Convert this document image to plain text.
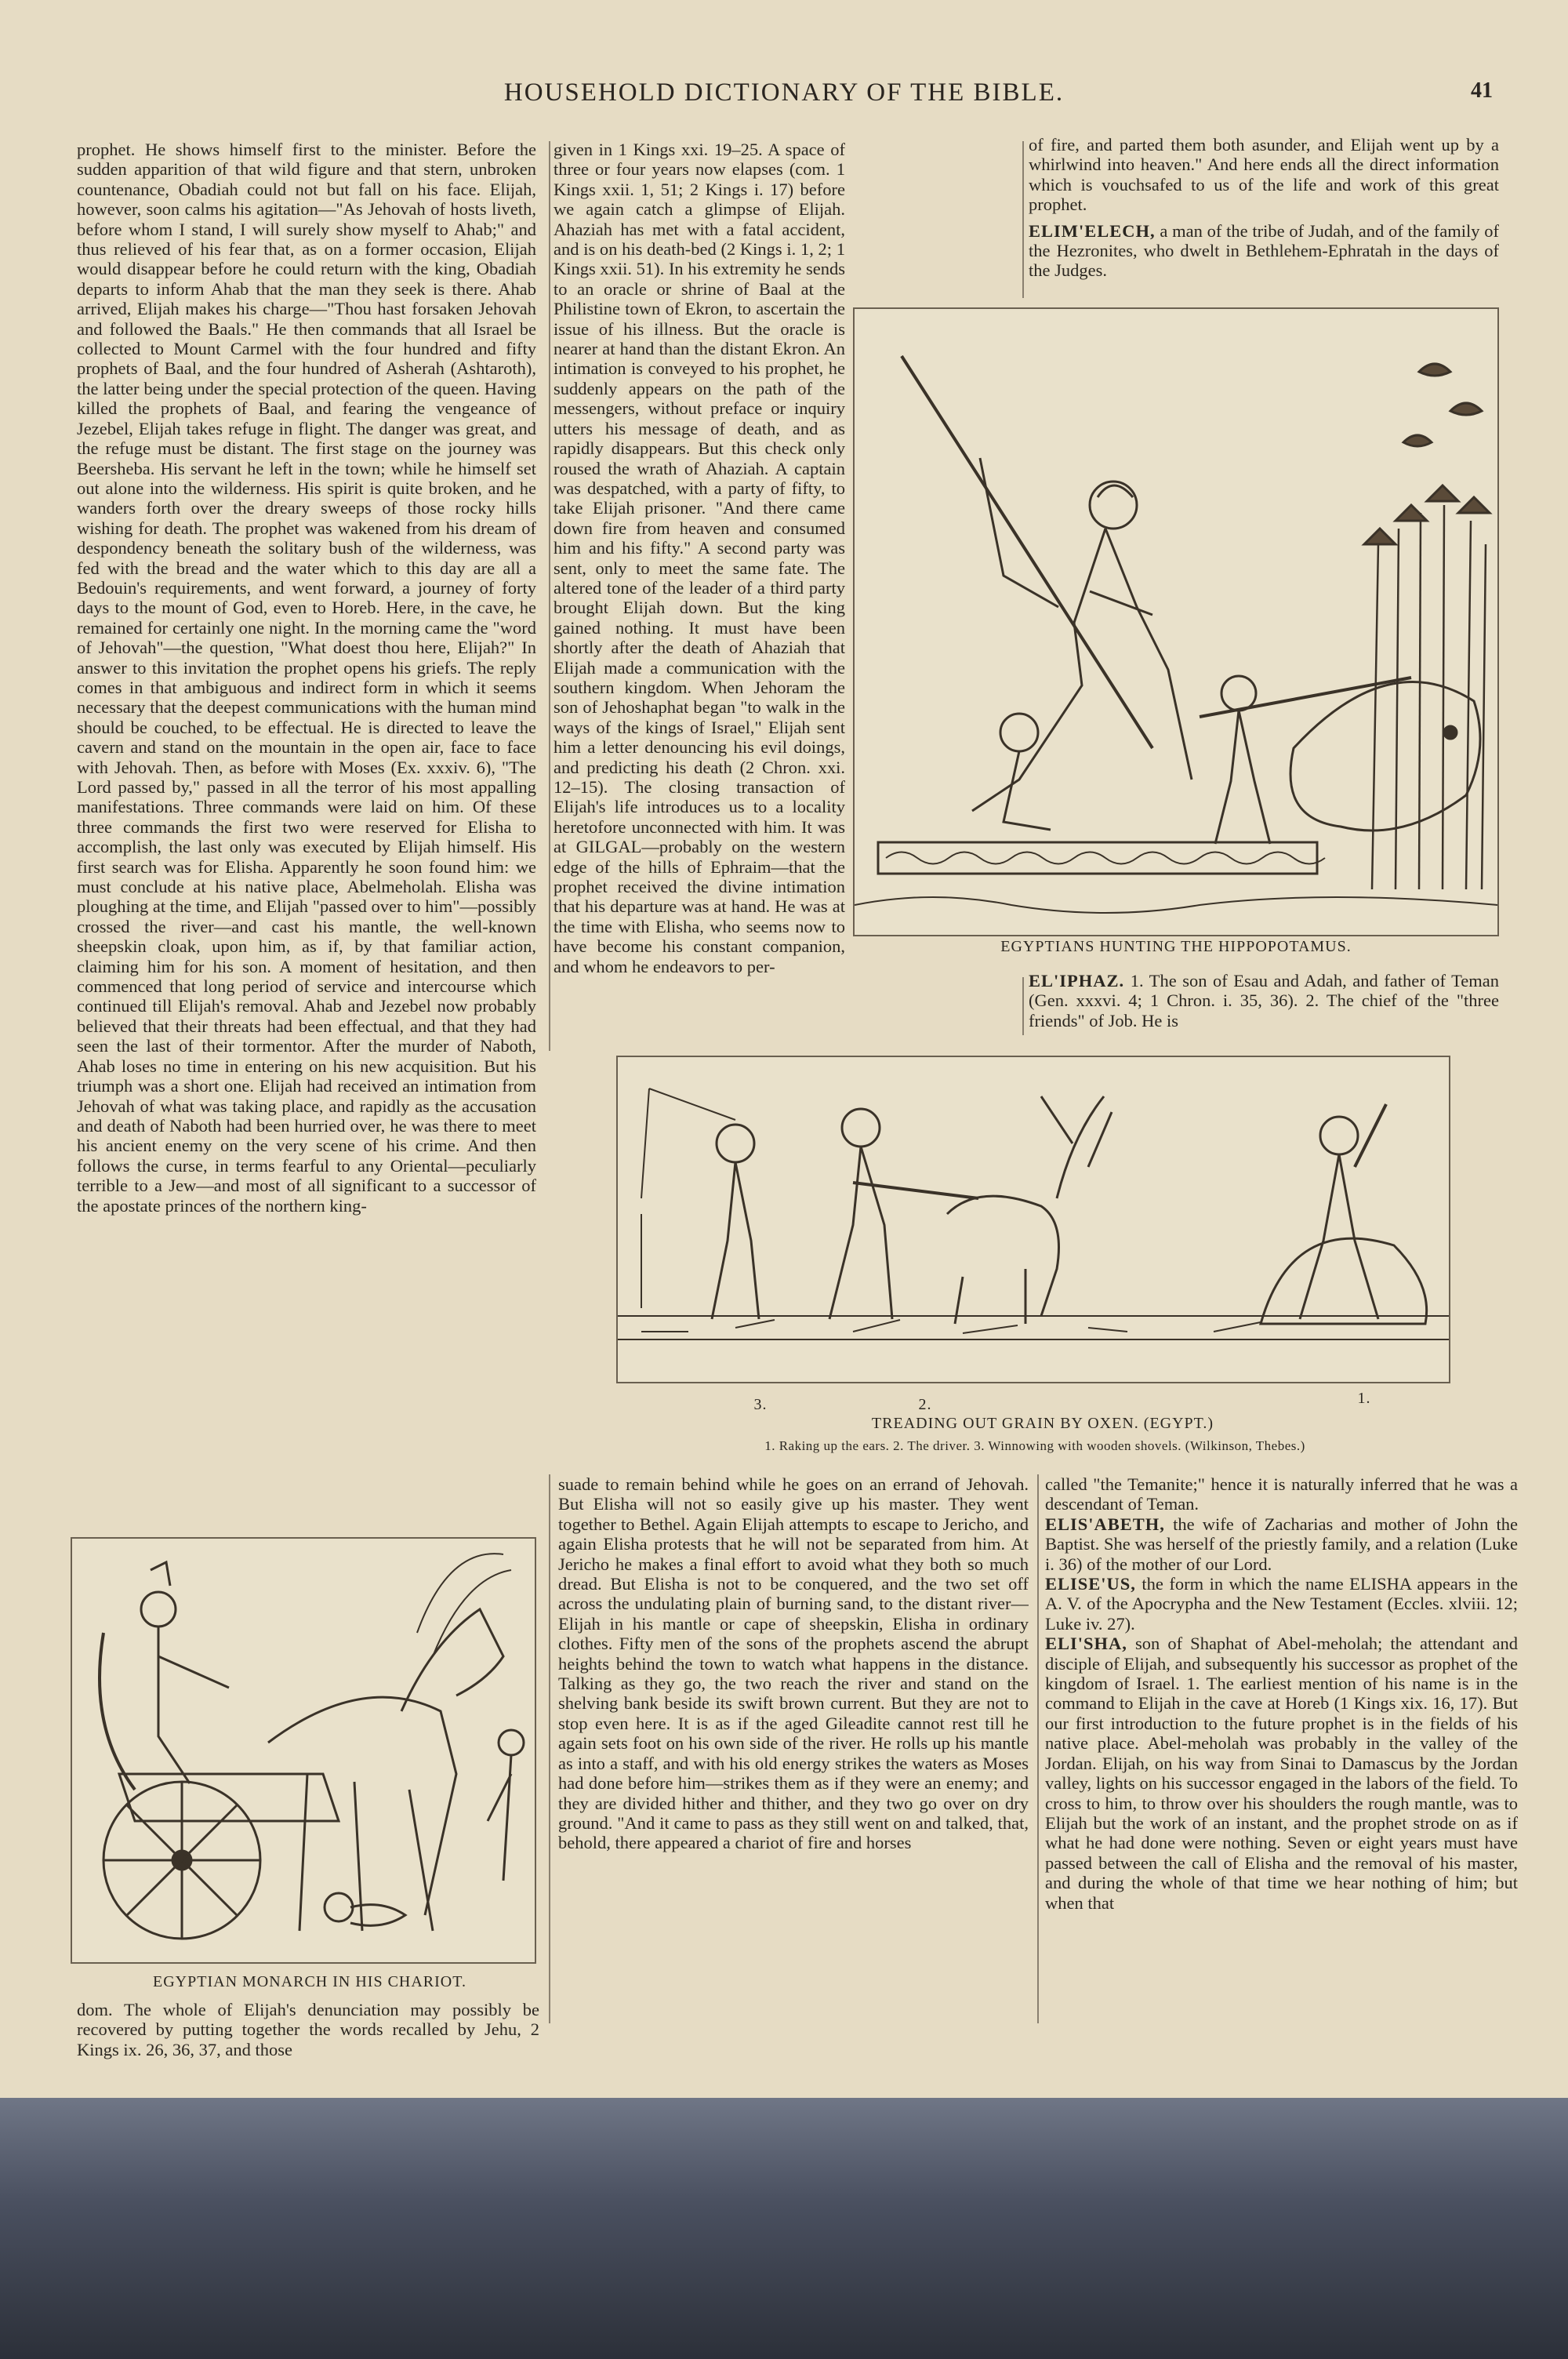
HOUSEHOLD DICTIONARY OF THE BIBLE.	41

prophet. He shows himself first to the minister. Before the sudden apparition of that wild figure and that stern, unbroken countenance, Obadiah could not but fall on his face. Elijah, however, soon calms his agitation—"As Jehovah of hosts liveth, before whom I stand, I will surely show myself to Ahab;" and thus relieved of his fear that, as on a former occasion, Elijah would disappear before he could return with the king, Obadiah departs to inform Ahab that the man they seek is there. Ahab arrived, Elijah makes his charge—"Thou hast forsaken Jehovah and followed the Baals." He then commands that all Israel be collected to Mount Carmel with the four hundred and fifty prophets of Baal, and the four hundred of Asherah (Ashtaroth), the latter being under the special protection of the queen. Having killed the prophets of Baal, and fearing the vengeance of Jezebel, Elijah takes refuge in flight. The danger was great, and the refuge must be distant. The first stage on the journey was Beersheba. His servant he left in the town; while he himself set out alone into the wilderness. His spirit is quite broken, and he wanders forth over the dreary sweeps of those rocky hills wishing for death. The prophet was wakened from his dream of despondency beneath the solitary bush of the wilderness, was fed with the bread and the water which to this day are all a Bedouin's requirements, and went forward, a journey of forty days to the mount of God, even to Horeb. Here, in the cave, he remained for certainly one night. In the morning came the "word of Jehovah"—the question, "What doest thou here, Elijah?" In answer to this invitation the prophet opens his griefs. The reply comes in that ambiguous and indirect form in which it seems necessary that the deepest communications with the human mind should be couched, to be effectual. He is directed to leave the cavern and stand on the mountain in the open air, face to face with Jehovah. Then, as before with Moses (Ex. xxxiv. 6), "The Lord passed by," passed in all the terror of his most appalling manifestations. Three commands were laid on him. Of these three commands the first two were reserved for Elisha to accomplish, the last only was executed by Elijah himself. His first search was for Elisha. Apparently he soon found him: we must conclude at his native place, Abelmeholah. Elisha was ploughing at the time, and Elijah "passed over to him"—possibly crossed the river—and cast his mantle, the well-known sheepskin cloak, upon him, as if, by that familiar action, claiming him for his son. A moment of hesitation, and then commenced that long period of service and intercourse which continued till Elijah's removal. Ahab and Jezebel now probably believed that their threats had been effectual, and that they had seen the last of their tormentor. After the murder of Naboth, Ahab loses no time in entering on his new acquisition. But his triumph was a short one. Elijah had received an intimation from Jehovah of what was taking place, and rapidly as the accusation and death of Naboth had been hurried over, he was there to meet his ancient enemy on the very scene of his crime. And then follows the curse, in terms fearful to any Oriental—peculiarly terrible to a Jew—and most of all significant to a successor of the apostate princes of the northern king-

given in 1 Kings xxi. 19–25. A space of three or four years now elapses (com. 1 Kings xxii. 1, 51; 2 Kings i. 17) before we again catch a glimpse of Elijah. Ahaziah has met with a fatal accident, and is on his death-bed (2 Kings i. 1, 2; 1 Kings xxii. 51). In his extremity he sends to an oracle or shrine of Baal at the Philistine town of Ekron, to ascertain the issue of his illness. But the oracle is nearer at hand than the distant Ekron. An intimation is conveyed to his prophet, he suddenly appears on the path of the messengers, without preface or inquiry utters his message of death, and as rapidly disappears. But this check only roused the wrath of Ahaziah. A captain was despatched, with a party of fifty, to take Elijah prisoner. "And there came down fire from heaven and consumed him and his fifty." A second party was sent, only to meet the same fate. The altered tone of the leader of a third party brought Elijah down. But the king gained nothing. It must have been shortly after the death of Ahaziah that Elijah made a communication with the southern kingdom. When Jehoram the son of Jehoshaphat began "to walk in the ways of the kings of Israel," Elijah sent him a letter denouncing his evil doings, and predicting his death (2 Chron. xxi. 12–15). The closing transaction of Elijah's life introduces us to a locality heretofore unconnected with him. It was at GILGAL—probably on the western edge of the hills of Ephraim—that the prophet received the divine intimation that his departure was at hand. He was at the time with Elisha, who seems now to have become his constant companion, and whom he endeavors to per-

of fire, and parted them both asunder, and Elijah went up by a whirlwind into heaven." And here ends all the direct information which is vouchsafed to us of the life and work of this great prophet.

ELIM'ELECH, a man of the tribe of Judah, and of the family of the Hezronites, who dwelt in Bethlehem-Ephratah in the days of the Judges.

EGYPTIANS HUNTING THE HIPPOPOTAMUS.

EL'IPHAZ. 1. The son of Esau and Adah, and father of Teman (Gen. xxxvi. 4; 1 Chron. i. 35, 36). 2. The chief of the "three friends" of Job. He is

3.	2.	1.
TREADING OUT GRAIN BY OXEN. (EGYPT.)
1. Raking up the ears. 2. The driver. 3. Winnowing with wooden shovels. (Wilkinson, Thebes.)
EGYPTIAN MONARCH IN HIS CHARIOT.

dom. The whole of Elijah's denunciation may possibly be recovered by putting together the words recalled by Jehu, 2 Kings ix. 26, 36, 37, and those

suade to remain behind while he goes on an errand of Jehovah. But Elisha will not so easily give up his master. They went together to Bethel. Again Elijah attempts to escape to Jericho, and again Elisha protests that he will not be separated from him. At Jericho he makes a final effort to avoid what they both so much dread. But Elisha is not to be conquered, and the two set off across the undulating plain of burning sand, to the distant river—Elijah in his mantle or cape of sheepskin, Elisha in ordinary clothes. Fifty men of the sons of the prophets ascend the abrupt heights behind the town to watch what happens in the distance. Talking as they go, the two reach the river and stand on the shelving bank beside its swift brown current. But they are not to stop even here. It is as if the aged Gileadite cannot rest till he again sets foot on his own side of the river. He rolls up his mantle as into a staff, and with his old energy strikes the waters as Moses had done before him—strikes them as if they were an enemy; and they are divided hither and thither, and they two go over on dry ground. "And it came to pass as they still went on and talked, that, behold, there appeared a chariot of fire and horses

called "the Temanite;" hence it is naturally inferred that he was a descendant of Teman.

ELIS'ABETH, the wife of Zacharias and mother of John the Baptist. She was herself of the priestly family, and a relation (Luke i. 36) of the mother of our Lord.

ELISE'US, the form in which the name ELISHA appears in the A. V. of the Apocrypha and the New Testament (Eccles. xlviii. 12; Luke iv. 27).

ELI'SHA, son of Shaphat of Abel-meholah; the attendant and disciple of Elijah, and subsequently his successor as prophet of the kingdom of Israel. 1. The earliest mention of his name is in the command to Elijah in the cave at Horeb (1 Kings xix. 16, 17). But our first introduction to the future prophet is in the fields of his native place. Abel-meholah was probably in the valley of the Jordan. Elijah, on his way from Sinai to Damascus by the Jordan valley, lights on his successor engaged in the labors of the field. To cross to him, to throw over his shoulders the rough mantle, was to Elijah but the work of an instant, and the prophet strode on as if what he had done were nothing. Seven or eight years must have passed between the call of Elisha and the removal of his master, and during the whole of that time we hear nothing of him; but when that
